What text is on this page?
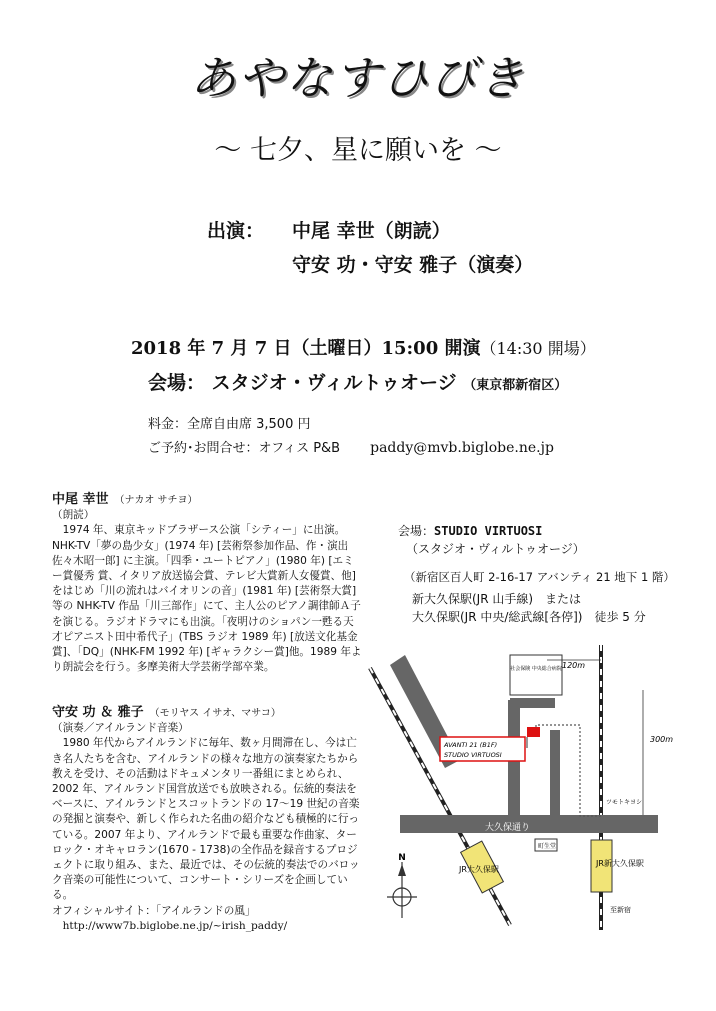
あやなすひびき
～ 七夕、星に願いを ～
出演： 中尾 幸世（朗読）
守安 功・守安 雅子（演奏）
2018 年 7 月 7 日（土曜日）15:00 開演（14:30 開場）
会場： スタジオ・ヴィルトゥオージ （東京都新宿区）
料金：全席自由席 3,500 円
ご予約･お問合せ：オフィス P&B paddy@mvb.biglobe.ne.jp

中尾 幸世 （ナカオ サチヨ）

（朗読）

1974 年、東京キッドブラザース公演「シティー」に出演。NHK-TV「夢の島少女」(1974 年) [芸術祭参加作品、作・演出　佐々木昭一郎] に主演。「四季・ユートピアノ」(1980 年) [エミー賞優秀 賞、イタリア放送協会賞、テレビ大賞新人女優賞、他]をはじめ「川の流れはバイオリンの音」(1981 年) [芸術祭大賞]等の NHK-TV 作品「川三部作」にて、主人公のピアノ調律師Ａ子を演じる。ラジオドラマにも出演。「夜明けのショパン一甦る天才ピアニスト田中希代子」(TBS ラジオ 1989 年) [放送文化基金賞]、「DQ」(NHK-FM 1992 年) [ギャラクシー賞]他。1989 年より朗読会を行う。多摩美術大学芸術学部卒業。

守安 功 ＆ 雅子 （モリヤス イサオ、マサコ）

（演奏／アイルランド音楽）

1980 年代からアイルランドに毎年、数ヶ月間滞在し、今は亡き名人たちを含む、アイルランドの様々な地方の演奏家たちから教えを受け、その活動はドキュメンタリ一番組にまとめられ、2002 年、アイルランド国営放送でも放映される。伝統的奏法をベースに、アイルランドとスコットランドの 17～19 世紀の音楽の発掘と演奏や、新しく作られた名曲の紹介なども積極的に行っている。2007 年より、アイルランドで最も重要な作曲家、ターロック・オキャロラン(1670 - 1738)の全作品を録音するプロジェクトに取り組み、また、最近では、その伝統的奏法でのバロック音楽の可能性について、コンサート・シリーズを企画している。

オフィシャルサイト：「アイルランドの風」

http://www7b.biglobe.ne.jp/~irish_paddy/

会場：STUDIO VIRTUOSI
（スタジオ・ヴィルトゥオージ）
（新宿区百人町 2-16-17 アバンティ 21 地下 1 階）
新大久保駅(JR 山手線)　または
大久保駅(JR 中央/総武線[各停])　徒歩 5 分
社会保険 中央総合病院
AVANTI 21 (B1F)
STUDIO VIRTUOSI
120m
300m
大久保通り
ツモトキヨシ
町生堂
JR大久保駅
JR新大久保駅
至新宿
N
